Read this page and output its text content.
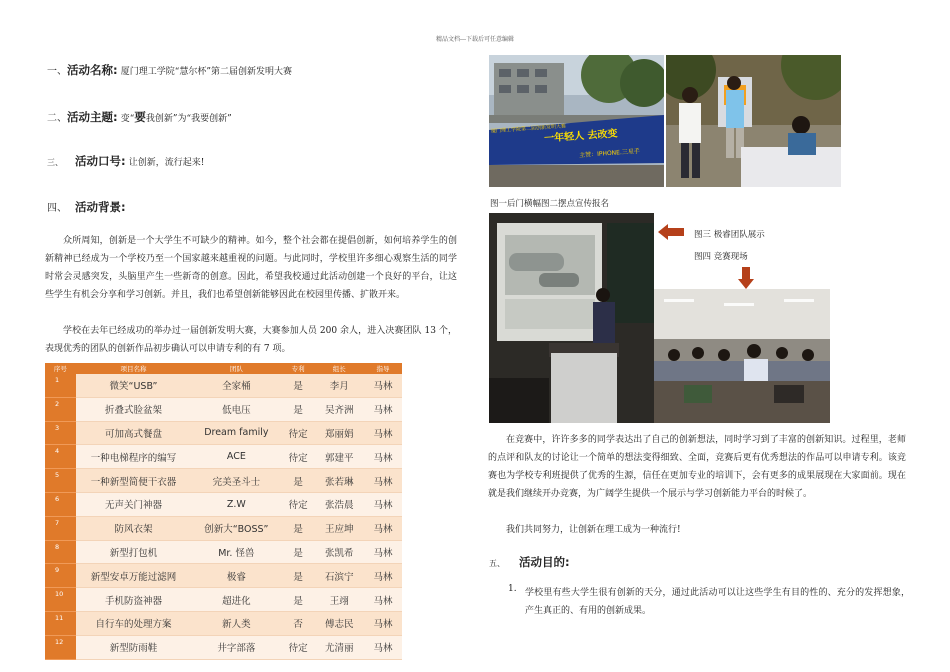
精品文档---下载后可任意编辑
一、活动名称: 厦门理工学院“慧尔杯”第二届创新发明大赛
二、活动主题: 变“要我创新”为“我要创新”
三、 活动口号: 让创新，流行起来!
四、 活动背景:
众所周知，创新是一个大学生不可缺少的精神。如今，整个社会都在提倡创新，如何培养学生的创新精神已经成为一个学校乃至一个国家越来越重视的问题。与此同时，学校里许多细心观察生活的同学时常会灵感突发，头脑里产生一些新奇的创意。因此，希望我校通过此活动创建一个良好的平台，让这些学生有机会分享和学习创新。并且，我们也希望创新能够因此在校园里传播、扩散开来。
学校在去年已经成功的举办过一届创新发明大赛，大赛参加人员 200 余人，进入决赛团队 13 个，表现优秀的团队的创新作品初步确认可以申请专利的有 7 项。
序号	项目名称	团队	专利	组长	指导
1	微笑“USB”	全家桶	是	李月	马林
2	折叠式脸盆架	低电压	是	吴齐洲	马林
3	可加高式餐盘	Dream family	待定	郑丽娟	马林
4	一种电梯程序的编写	ACE	待定	郭建平	马林
5	一种新型简便干衣器	完美圣斗士	是	张若琳	马林
6	无声关门神器	Z.W	待定	张浩晨	马林
7	防风衣架	创新大“BOSS”	是	王应坤	马林
8	新型打包机	Mr. 怪兽	是	张凯希	马林
9	新型安卓万能过滤网	极睿	是	石滨宁	马林
10	手机防盗神器	超进化	是	王翊	马林
11	自行车的处理方案	新人类	否	傅志民	马林
12	新型防雨鞋	井字部落	待定	尤清丽	马林
厦门理工学院第二届创新发明大赛
一年轻人 去改变
主赞：IPHONE.三星手
图一后门横幅图二摆点宣传报名
图三 极睿团队展示
图四 竞赛现场
在竞赛中，许许多多的同学表达出了自己的创新想法，同时学习到了丰富的创新知识。过程里，老师的点评和队友的讨论让一个简单的想法变得细致、全面，竞赛后更有优秀想法的作品可以申请专利。该竞赛也为学校专利班提供了优秀的生源，信任在更加专业的培训下，会有更多的成果展现在大家面前。现在就是我们继续开办竞赛，为广阔学生提供一个展示与学习创新能力平台的时候了。
我们共同努力，让创新在理工成为一种流行!
五、 活动目的:
1. 学校里有些大学生很有创新的天分，通过此活动可以让这些学生有目的性的、充分的发挥想象，产生真正的、有用的创新成果。
